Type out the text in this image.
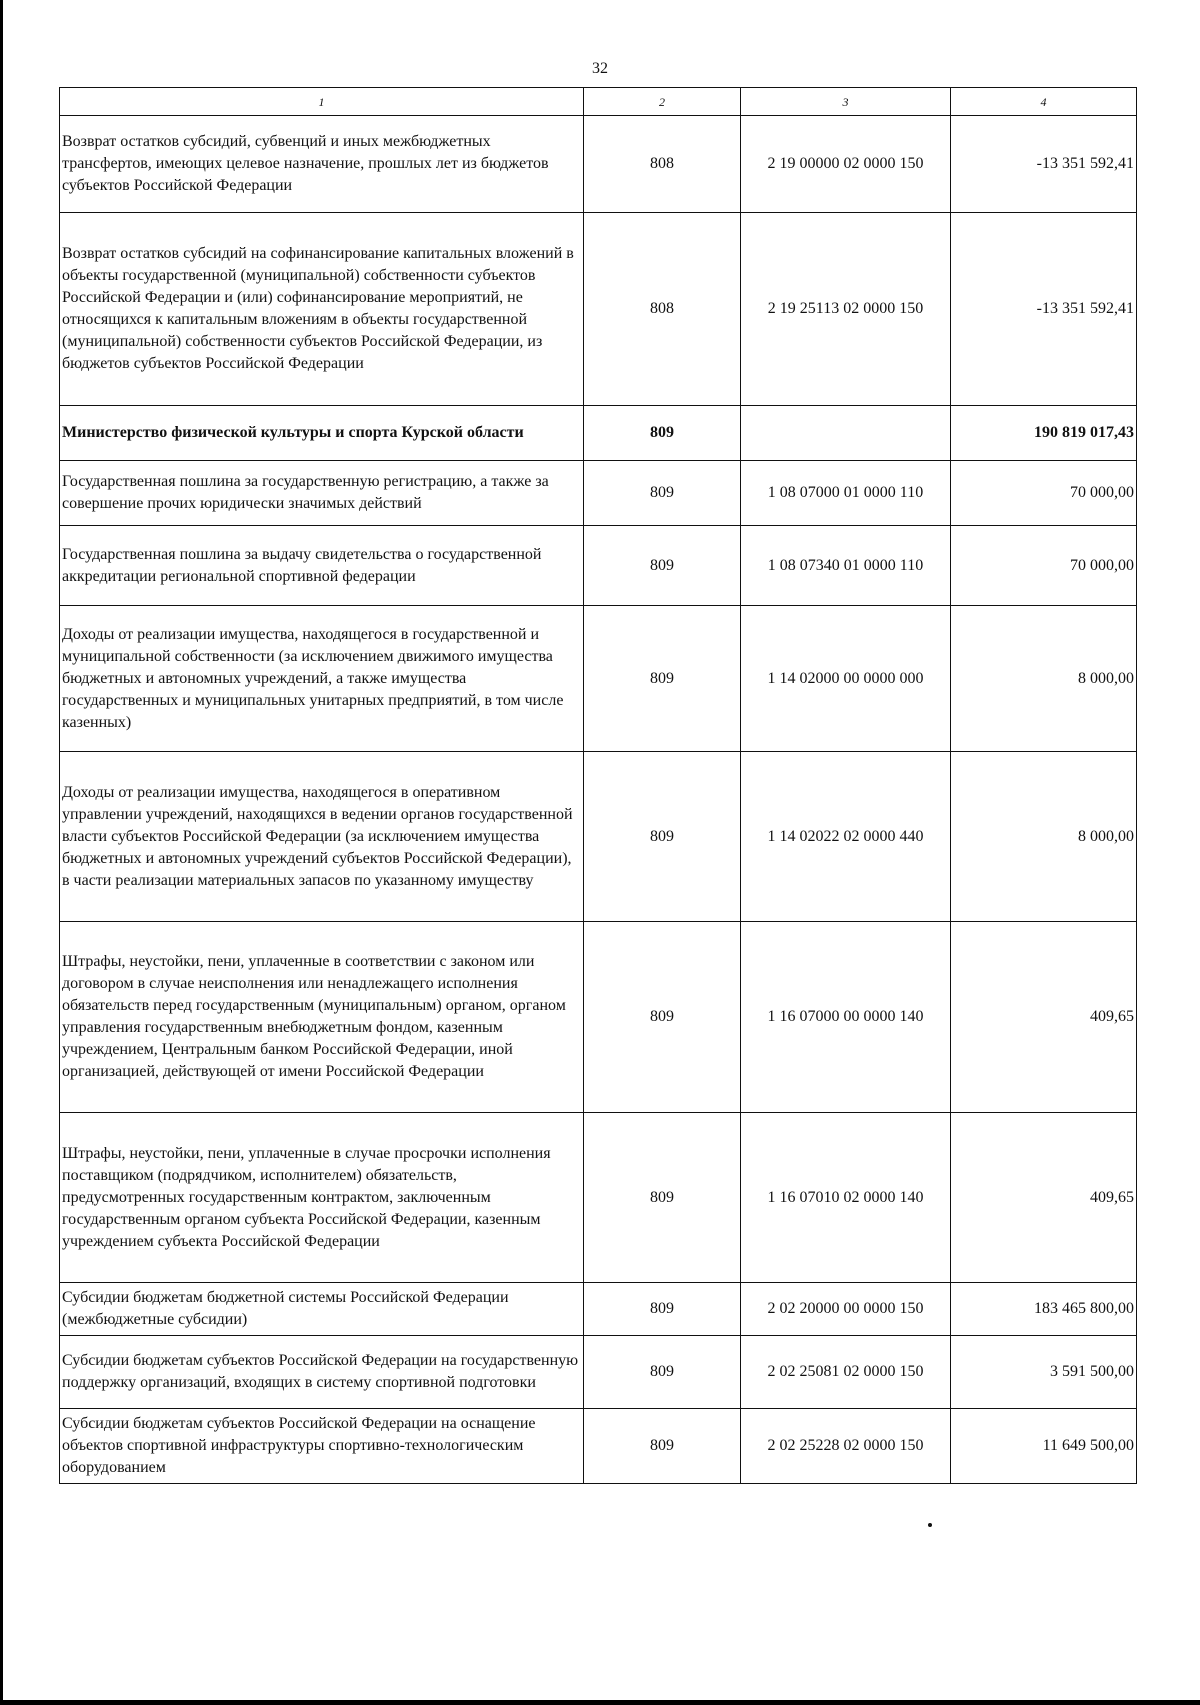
32
1	2	3	4
Возврат остатков субсидий, субвенций и иных межбюджетных трансфертов, имеющих целевое назначение, прошлых лет из бюджетов субъектов Российской Федерации	808	2 19 00000 02 0000 150	-13 351 592,41
Возврат остатков субсидий на софинансирование капитальных вложений в объекты государственной (муниципальной) собственности субъектов Российской Федерации и (или) софинансирование мероприятий, не относящихся к капитальным вложениям в объекты государственной (муниципальной) собственности субъектов Российской Федерации, из бюджетов субъектов Российской Федерации	808	2 19 25113 02 0000 150	-13 351 592,41
Министерство физической культуры и спорта Курской области	809		190 819 017,43
Государственная пошлина за государственную регистрацию, а также за совершение прочих юридически значимых действий	809	1 08 07000 01 0000 110	70 000,00
Государственная пошлина за выдачу свидетельства о государственной аккредитации региональной спортивной федерации	809	1 08 07340 01 0000 110	70 000,00
Доходы от реализации имущества, находящегося в государственной и муниципальной собственности (за исключением движимого имущества бюджетных и автономных учреждений, а также имущества государственных и муниципальных унитарных предприятий, в том числе казенных)	809	1 14 02000 00 0000 000	8 000,00
Доходы от реализации имущества, находящегося в оперативном управлении учреждений, находящихся в ведении органов государственной власти субъектов Российской Федерации (за исключением имущества бюджетных и автономных учреждений субъектов Российской Федерации), в части реализации материальных запасов по указанному имуществу	809	1 14 02022 02 0000 440	8 000,00
Штрафы, неустойки, пени, уплаченные в соответствии с законом или договором в случае неисполнения или ненадлежащего исполнения обязательств перед государственным (муниципальным) органом, органом управления государственным внебюджетным фондом, казенным учреждением, Центральным банком Российской Федерации, иной организацией, действующей от имени Российской Федерации	809	1 16 07000 00 0000 140	409,65
Штрафы, неустойки, пени, уплаченные в случае просрочки исполнения поставщиком (подрядчиком, исполнителем) обязательств, предусмотренных государственным контрактом, заключенным государственным органом субъекта Российской Федерации, казенным учреждением субъекта Российской Федерации	809	1 16 07010 02 0000 140	409,65
Субсидии бюджетам бюджетной системы Российской Федерации (межбюджетные субсидии)	809	2 02 20000 00 0000 150	183 465 800,00
Субсидии бюджетам субъектов Российской Федерации на государственную поддержку организаций, входящих в систему спортивной подготовки	809	2 02 25081 02 0000 150	3 591 500,00
Субсидии бюджетам субъектов Российской Федерации на оснащение объектов спортивной инфраструктуры спортивно-технологическим оборудованием	809	2 02 25228 02 0000 150	11 649 500,00
